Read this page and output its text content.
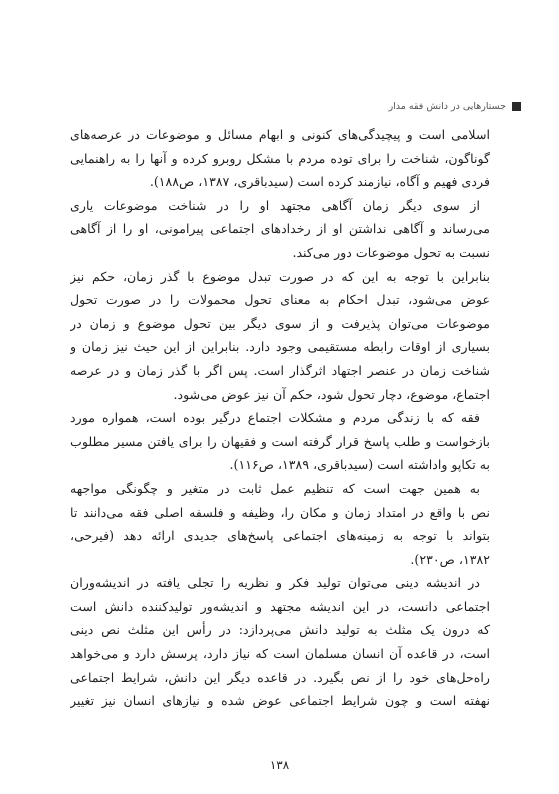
جستارهایی در دانش فقه مدار
اسلامی است و پیچیدگی‌های کنونی و ابهام مسائل و موضوعات در عرصه‌های
گوناگون، شناخت را برای توده مردم با مشکل روبرو کرده و آنها را به راهنمایی
فردی فهیم و آگاه، نیازمند کرده است (سیدباقری، ۱۳۸۷، ص۱۸۸).
از سوی دیگر زمان آگاهی مجتهد او را در شناخت موضوعات یاری
می‌رساند و آگاهی نداشتن او از رخدادهای اجتماعی پیرامونی، او را از آگاهی
نسبت به تحول موضوعات دور می‌کند.
بنابراین با توجه به این که در صورت تبدل موضوع با گذر زمان، حکم نیز
عوض می‌شود، تبدل احکام به معنای تحول محمولات را در صورت تحول
موضوعات می‌توان پذیرفت و از سوی دیگر بین تحول موضوع و زمان در
بسیاری از اوقات رابطه مستقیمی وجود دارد. بنابراین از این حیث نیز زمان و
شناخت زمان در عنصر اجتهاد اثرگذار است. پس اگر با گذر زمان و در عرصه
اجتماع، موضوع، دچار تحول شود، حکم آن نیز عوض می‌شود.
فقه که با زندگی مردم و مشکلات اجتماع درگیر بوده است، همواره مورد
بازخواست و طلب پاسخ قرار گرفته است و فقیهان را برای یافتن مسیر مطلوب
به تکاپو واداشته است (سیدباقری، ۱۳۸۹، ص۱۱۶).
به همین جهت است که تنظیم عمل ثابت در متغیر و چگونگی مواجهه
نص با واقع در امتداد زمان و مکان را، وظیفه و فلسفه اصلی فقه می‌دانند تا
بتواند با توجه به زمینه‌های اجتماعی پاسخ‌های جدیدی ارائه دهد (فیرحی،
۱۳۸۲، ص۲۳۰).
در اندیشه دینی می‌توان تولید فکر و نظریه را تجلی یافته در اندیشه‌وران
اجتماعی دانست، در این اندیشه مجتهد و اندیشه‌ور تولیدکننده دانش است
که درون یک مثلث به تولید دانش می‌پردازد: در رأس این مثلث نص دینی
است، در قاعده آن انسان مسلمان است که نیاز دارد، پرسش دارد و می‌خواهد
راه‌حل‌های خود را از نص بگیرد. در قاعده دیگر این دانش، شرایط اجتماعی
نهفته است و چون شرایط اجتماعی عوض شده و نیازهای انسان نیز تغییر
۱۳۸
